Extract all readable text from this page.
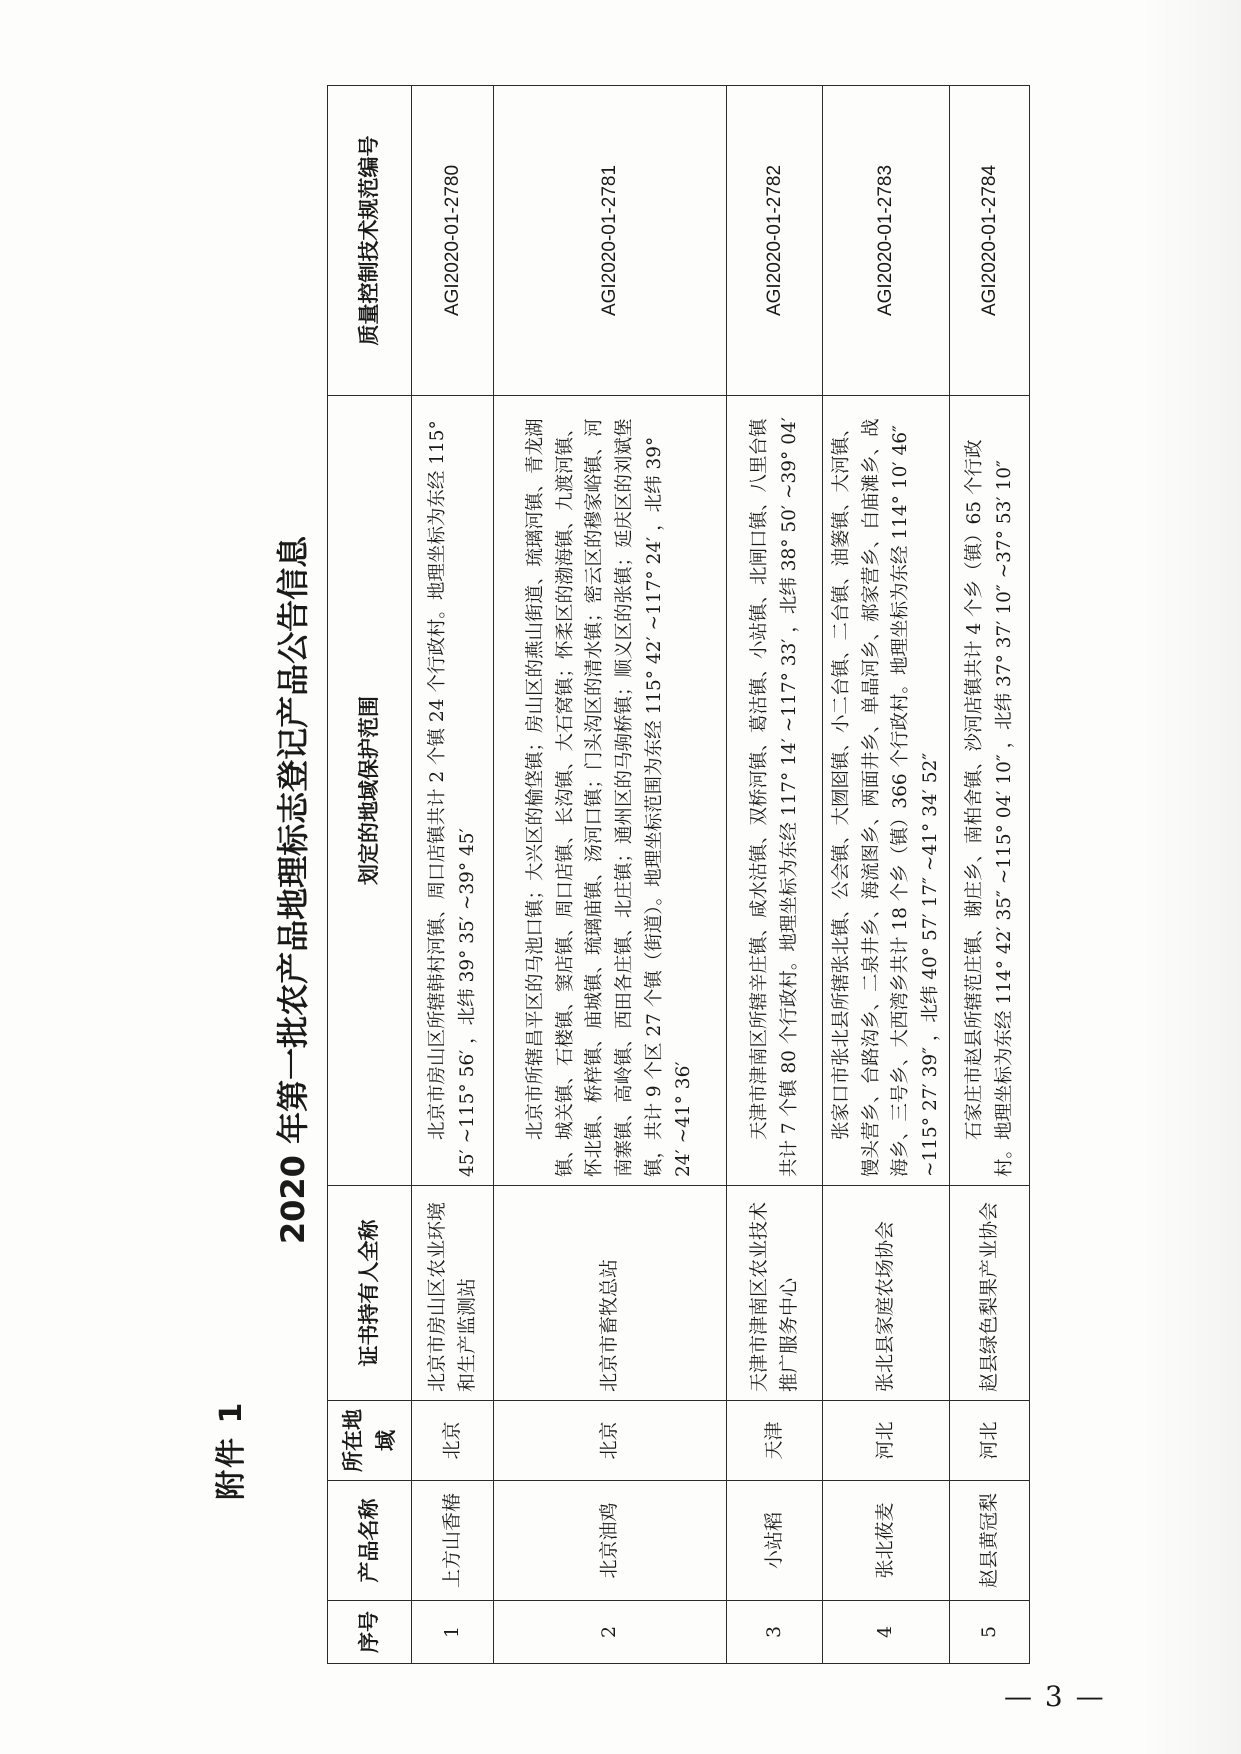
附件 1
2020 年第一批农产品地理标志登记产品公告信息
序号	产品名称	所在地域	证书持有人全称	划定的地域保护范围	质量控制技术规范编号
1	上方山香椿	北京	北京市房山区农业环境和生产监测站	北京市房山区所辖韩村河镇、周口店镇共计 2 个镇 24 个行政村。地理坐标为东经 115° 45′ ~115° 56′ ，北纬 39° 35′ ~39° 45′	AGI2020-01-2780
2	北京油鸡	北京	北京市畜牧总站	北京市所辖昌平区的马池口镇；大兴区的榆垡镇；房山区的燕山街道、琉璃河镇、青龙湖镇、城关镇、石楼镇、窦店镇、周口店镇、长沟镇、大石窝镇；怀柔区的渤海镇、九渡河镇、怀北镇、桥梓镇、庙城镇、琉璃庙镇、汤河口镇；门头沟区的清水镇；密云区的穆家峪镇、河南寨镇、高岭镇、西田各庄镇、北庄镇；通州区的马驹桥镇；顺义区的张镇；延庆区的刘斌堡镇，共计 9 个区 27 个镇（街道）。地理坐标范围为东经 115° 42′ ~117° 24′ ，北纬 39° 24′ ~41° 36′	AGI2020-01-2781
3	小站稻	天津	天津市津南区农业技术推广服务中心	天津市津南区所辖辛庄镇、咸水沽镇、双桥河镇、葛沽镇、小站镇、北闸口镇、八里台镇共计 7 个镇 80 个行政村。地理坐标为东经 117° 14′ ~117° 33′ ，北纬 38° 50′ ~39° 04′	AGI2020-01-2782
4	张北莜麦	河北	张北县家庭农场协会	张家口市张北县所辖张北镇、公会镇、大囫囵镇、小二台镇、二台镇、油篓镇、大河镇、馒头营乡、台路沟乡、二泉井乡、海流图乡、两面井乡、单晶河乡、郝家营乡、白庙滩乡、战海乡、三号乡、大西湾乡共计 18 个乡（镇）366 个行政村。地理坐标为东经 114° 10′ 46″ ~115° 27′ 39″ ，北纬 40° 57′ 17″ ~41° 34′ 52″	AGI2020-01-2783
5	赵县黄冠梨	河北	赵县绿色梨果产业协会	石家庄市赵县所辖范庄镇、谢庄乡、南柏舍镇、沙河店镇共计 4 个乡（镇）65 个行政村。地理坐标为东经 114° 42′ 35″ ~115° 04′ 10″ ，北纬 37° 37′ 10″ ~37° 53′ 10″	AGI2020-01-2784
— 3 —
